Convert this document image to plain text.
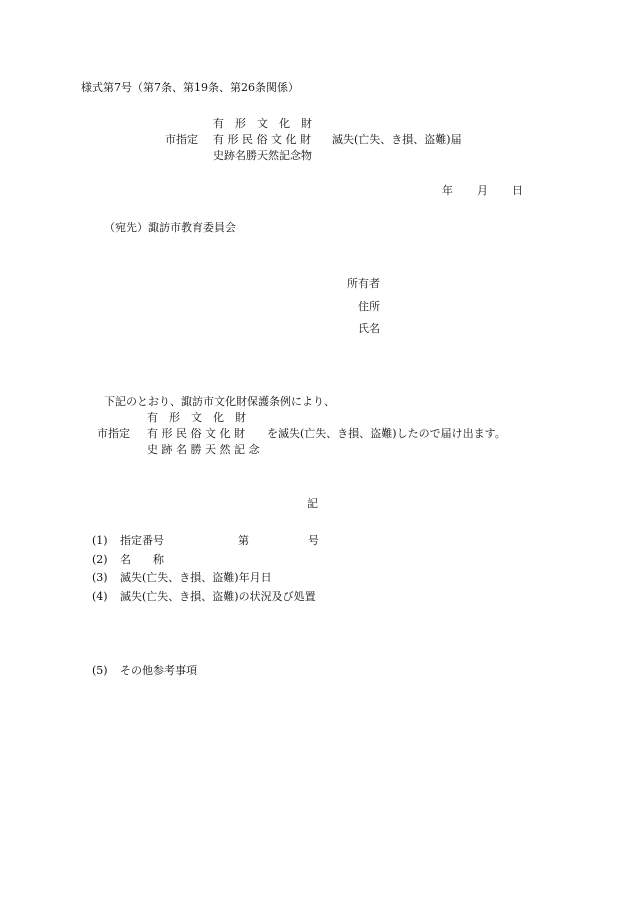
様式第7号（第7条、第19条、第26条関係）
有　形　文　化　財
市指定 有 形 民 俗 文 化 財 滅失(亡失、き損、盗難)届
史跡名勝天然記念物
年 月 日
（宛先）諏訪市教育委員会
所有者
住所
氏名
下記のとおり、諏訪市文化財保護条例により、
有　形　文　化　財
市指定 有 形 民 俗 文 化 財 を滅失(亡失、き損、盗難)したので届け出ます。
史 跡 名 勝 天 然 記 念
記
(1) 指定番号	第	号
(2) 名　　称
(3) 滅失(亡失、き損、盗難)年月日
(4) 滅失(亡失、き損、盗難)の状況及び処置
(5) その他参考事項
